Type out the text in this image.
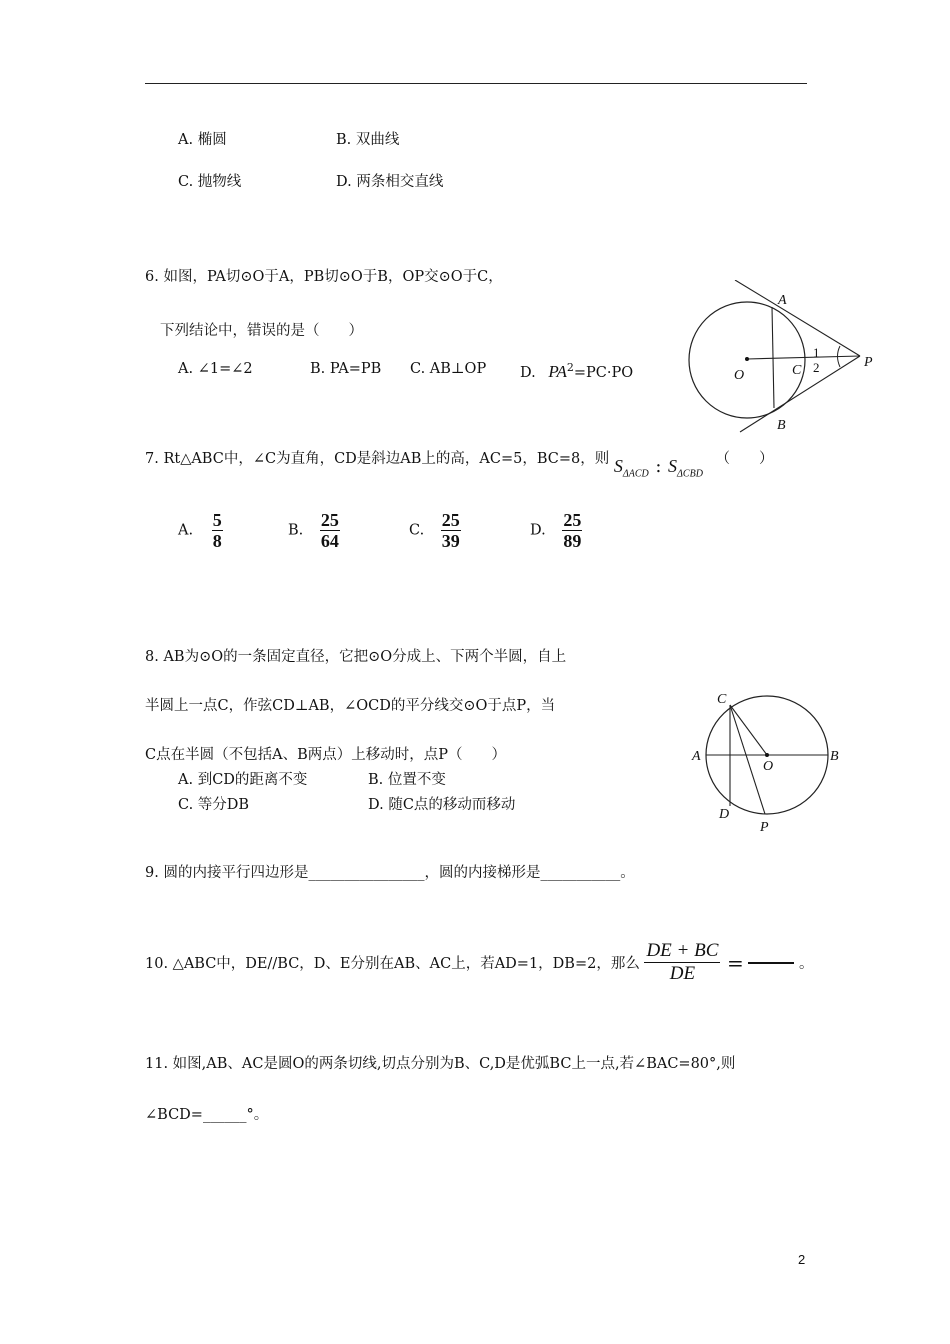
A. 椭圆	B. 双曲线
C. 抛物线	D. 两条相交直线
6. 如图，PA切⊙O于A，PB切⊙O于B，OP交⊙O于C，
下列结论中，错误的是（　　）
A. ∠1=∠2	B. PA=PB C. AB⊥OP D. $PA^2=PC\cdot PO$
A
B
C
O
P
1
2
7. Rt△ABC中，∠C为直角，CD是斜边AB上的高，AC=5，BC=8，则 $S_{\Delta ACD}$ : $S_{\Delta CBD}$ （　　）
A. $\frac{5}{8}$	B. $\frac{25}{64}$	C. $\frac{25}{39}$	D. $\frac{25}{89}$
8. AB为⊙O的一条固定直径，它把⊙O分成上、下两个半圆，自上
半圆上一点C，作弦CD⊥AB，∠OCD的平分线交⊙O于点P，当
C点在半圆（不包括A、B两点）上移动时，点P（　　）
A. 到CD的距离不变	B. 位置不变
C. 等分DB	D. 随C点的移动而移动
C
A	B
O
D
P
9. 圆的内接平行四边形是________________，圆的内接梯形是___________。
10. △ABC中，DE//BC，D、E分别在AB、AC上，若AD=1，DB=2，那么 $\frac{DE + BC}{DE}$ =	。
11. 如图,AB、AC是圆O的两条切线,切点分别为B、C,D是优弧BC上一点,若∠BAC=80°,则
∠BCD=______°。
2
